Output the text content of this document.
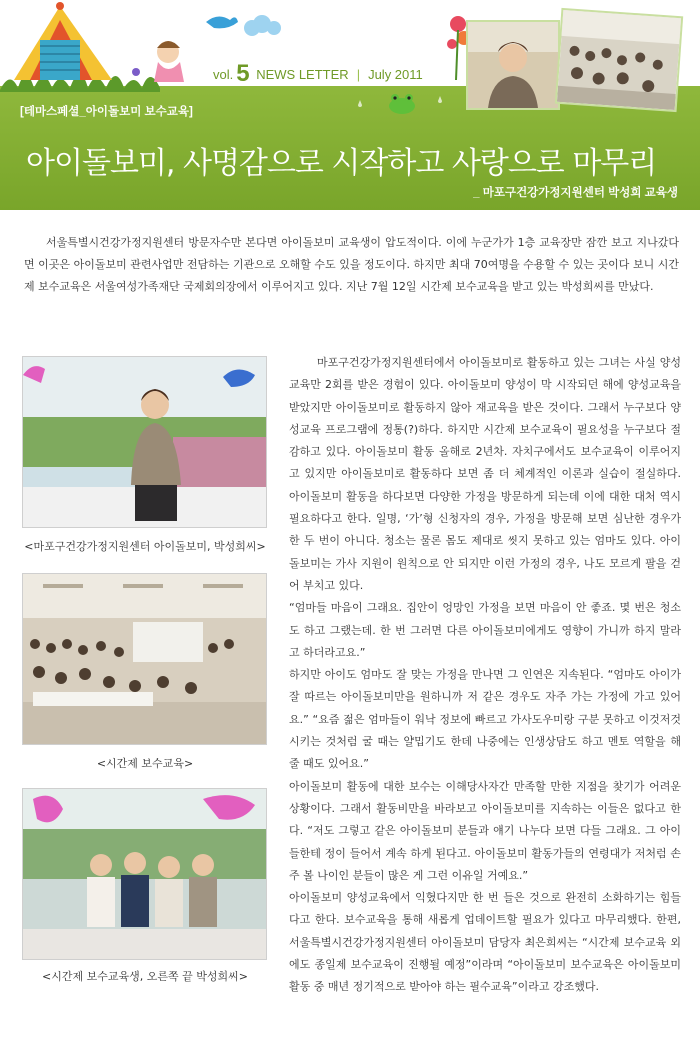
vol. 5 NEWS LETTER | July 2011
[테마스페셜_아이돌보미 보수교육]
아이돌보미, 사명감으로 시작하고 사랑으로 마무리
_ 마포구건강가정지원센터 박성희 교육생

서울특별시건강가정지원센터 방문자수만 본다면 아이돌보미 교육생이 압도적이다. 이에 누군가가 1층 교육장만 잠깐 보고 지나갔다면 이곳은 아이돌보미 관련사업만 전담하는 기관으로 오해할 수도 있을 정도이다. 하지만 최대 70여명을 수용할 수 있는 곳이다 보니 시간제 보수교육은 서울여성가족재단 국제회의장에서 이루어지고 있다. 지난 7월 12일 시간제 보수교육을 받고 있는 박성희씨를 만났다.

<마포구건강가정지원센터 아이돌보미, 박성희씨>
<시간제 보수교육>
<시간제 보수교육생, 오른쪽 끝 박성희씨>

마포구건강가정지원센터에서 아이돌보미로 활동하고 있는 그녀는 사실 양성교육만 2회를 받은 경험이 있다. 아이돌보미 양성이 막 시작되던 해에 양성교육을 받았지만 아이돌보미로 활동하지 않아 재교육을 받은 것이다. 그래서 누구보다 양성교육 프로그램에 정통(?)하다. 하지만 시간제 보수교육이 필요성을 누구보다 절감하고 있다. 아이돌보미 활동 올해로 2년차. 자치구에서도 보수교육이 이루어지고 있지만 아이돌보미로 활동하다 보면 좀 더 체계적인 이론과 실습이 절실하다. 아이돌보미 활동을 하다보면 다양한 가정을 방문하게 되는데 이에 대한 대처 역시 필요하다고 한다. 일명, ‘가’형 신청자의 경우, 가정을 방문해 보면 심난한 경우가 한 두 번이 아니다. 청소는 물론 몸도 제대로 씻지 못하고 있는 엄마도 있다. 아이돌보미는 가사 지원이 원칙으로 안 되지만 이런 가정의 경우, 나도 모르게 팔을 걷어 부치고 있다.

“엄마들 마음이 그래요. 집안이 엉망인 가정을 보면 마음이 안 좋죠. 몇 번은 청소도 하고 그랬는데. 한 번 그러면 다른 아이돌보미에게도 영향이 가니까 하지 말라고 하더라고요.”

하지만 아이도 엄마도 잘 맞는 가정을 만나면 그 인연은 지속된다. “엄마도 아이가 잘 따르는 아이돌보미만을 원하니까 저 같은 경우도 자주 가는 가정에 가고 있어요.” “요즘 젊은 엄마들이 워낙 정보에 빠르고 가사도우미랑 구분 못하고 이것저것 시키는 것처럼 굴 때는 얄밉기도 한데 나중에는 인생상담도 하고 멘토 역할을 해 줄 때도 있어요.”

아이돌보미 활동에 대한 보수는 이해당사자간 만족할 만한 지점을 찾기가 어려운 상황이다. 그래서 활동비만을 바라보고 아이돌보미를 지속하는 이들은 없다고 한다. “저도 그렇고 같은 아이돌보미 분들과 얘기 나누다 보면 다들 그래요. 그 아이들한테 정이 들어서 계속 하게 된다고. 아이돌보미 활동가들의 연령대가 저처럼 손주 볼 나이인 분들이 많은 게 그런 이유일 거예요.”

아이돌보미 양성교육에서 익혔다지만 한 번 들은 것으로 완전히 소화하기는 힘들다고 한다. 보수교육을 통해 새롭게 업데이트할 필요가 있다고 마무리했다. 한편, 서울특별시건강가정지원센터 아이돌보미 담당자 최은희씨는 “시간제 보수교육 외에도 종일제 보수교육이 진행될 예정”이라며 “아이돌보미 보수교육은 아이돌보미 활동 중 매년 정기적으로 받아야 하는 필수교육”이라고 강조했다.
